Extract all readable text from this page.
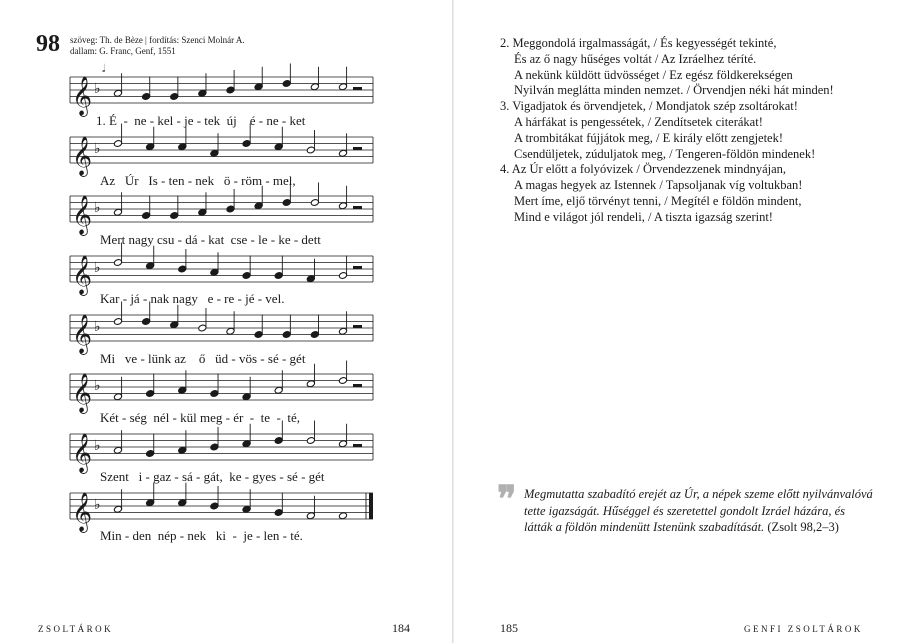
98 szöveg: Th. de Bèze | fordítás: Szenci Molnár A.
dallam: G. Franc, Genf, 1551
𝄞 ♭
𝄞 ♭
𝄞 ♭
𝄞 ♭
𝄞 ♭
𝄞 ♭
𝄞 ♭
𝄞 ♭
𝅗𝅥
1. É  -  ne - kel - je - tek  új    é - ne - ket
Az   Úr   Is - ten - nek   ö - röm - mel,
Mert nagy csu - dá - kat  cse - le - ke - dett
Kar - já - nak nagy   e - re - jé - vel.
Mi   ve - lünk az    ő   üd - vös - sé - gét
Két - ség  nél - kül meg - ér  -  te  -  té,
Szent   i - gaz - sá - gát,  ke - gyes - sé - gét
Min - den  nép - nek   ki  -  je - len - té.
ZSOLTÁROK	184
2. Meggondolá irgalmasságát, / És kegyességét tekinté,
És az ő nagy hűséges voltát / Az Izráelhez téríté.
A nekünk küldött üdvösséget / Ez egész földkerekségen
Nyilván meglátta minden nemzet. / Örvendjen néki hát minden!
3. Vigadjatok és örvendjetek, / Mondjatok szép zsoltárokat!
A hárfákat is pengessétek, / Zendítsetek citerákat!
A trombitákat fújjátok meg, / E király előtt zengjetek!
Csendüljetek, zúduljatok meg, / Tengeren-földön mindenek!
4. Az Úr előtt a folyóvizek / Örvendezzenek mindnyájan,
A magas hegyek az Istennek / Tapsoljanak víg voltukban!
Mert íme, eljő törvényt tenni, / Megítél e földön mindent,
Mind e világot jól rendeli, / A tiszta igazság szerint!
❞ Megmutatta szabadító erejét az Úr, a népek szeme előtt nyilvánvalóvá tette igazságát. Hűséggel és szeretettel gondolt Izráel házára, és látták a földön mindenütt Istenünk szabadítását. (Zsolt 98,2–3)
185	GENFI ZSOLTÁROK
